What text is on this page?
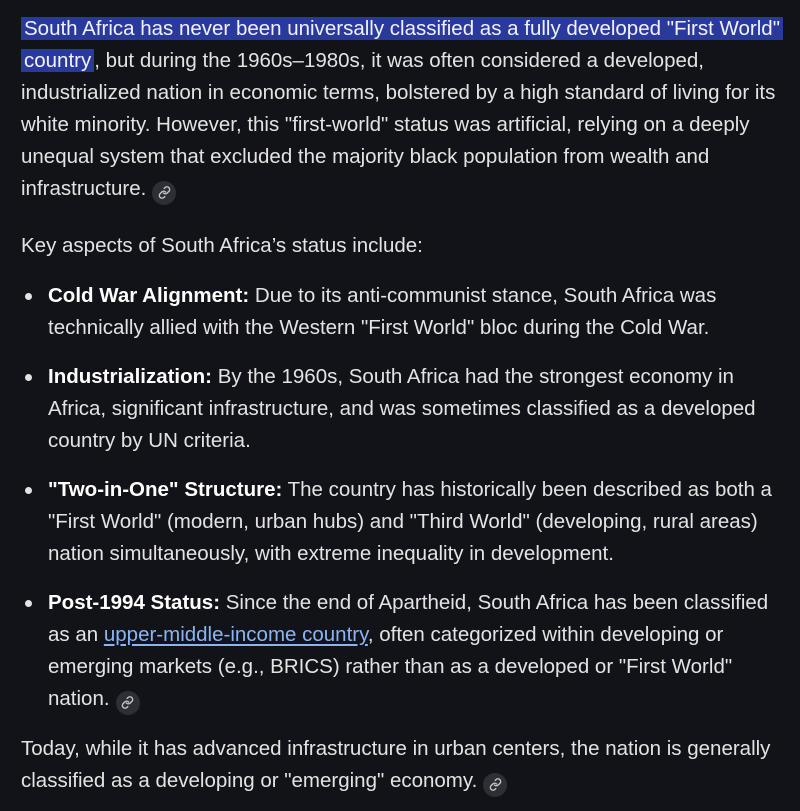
South Africa has never been universally classified as a fully developed "First World" country , but during the 1960s–1980s, it was often considered a developed, industrialized nation in economic terms, bolstered by a high standard of living for its white minority. However, this "first-world" status was artificial, relying on a deeply unequal system that excluded the majority black population from wealth and infrastructure.

Key aspects of South Africa’s status include:

Cold War Alignment: Due to its anti-communist stance, South Africa was technically allied with the Western "First World" bloc during the Cold War.
Industrialization: By the 1960s, South Africa had the strongest economy in Africa, significant infrastructure, and was sometimes classified as a developed country by UN criteria.
"Two-in-One" Structure: The country has historically been described as both a "First World" (modern, urban hubs) and "Third World" (developing, rural areas) nation simultaneously, with extreme inequality in development.
Post-1994 Status: Since the end of Apartheid, South Africa has been classified as an upper-middle-income country, often categorized within developing or emerging markets (e.g., BRICS) rather than as a developed or "First World" nation.

Today, while it has advanced infrastructure in urban centers, the nation is generally classified as a developing or "emerging" economy.
